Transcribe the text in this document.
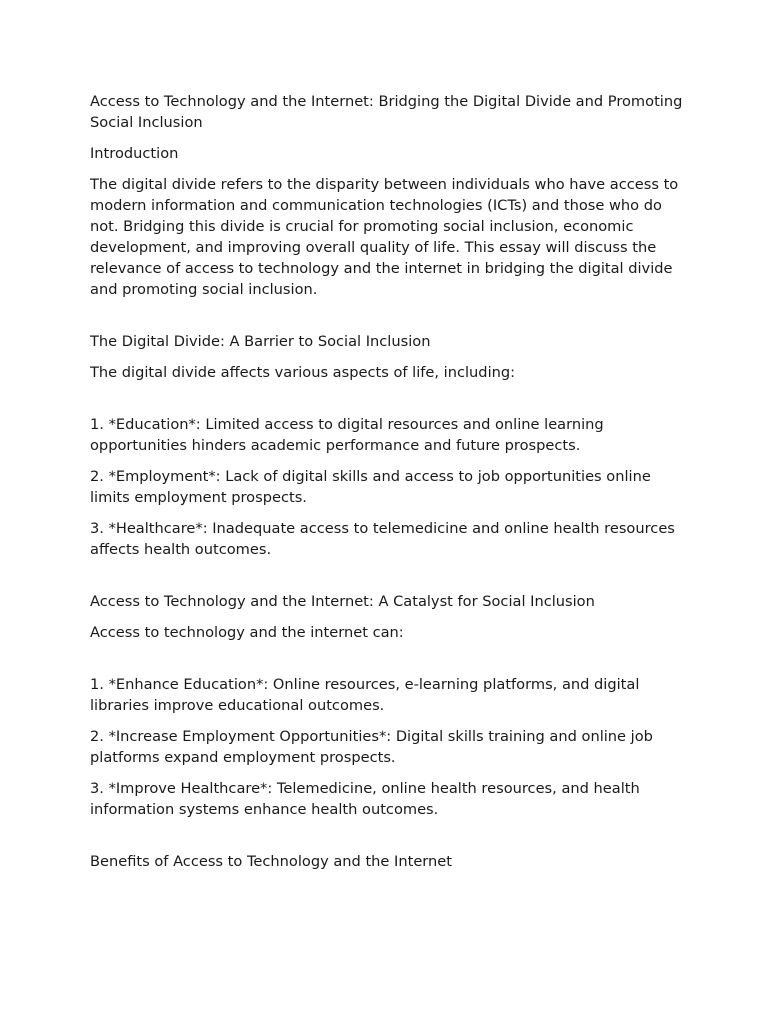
Access to Technology and the Internet: Bridging the Digital Divide and Promoting Social Inclusion

Introduction

The digital divide refers to the disparity between individuals who have access to modern information and communication technologies (ICTs) and those who do not. Bridging this divide is crucial for promoting social inclusion, economic development, and improving overall quality of life. This essay will discuss the relevance of access to technology and the internet in bridging the digital divide and promoting social inclusion.

The Digital Divide: A Barrier to Social Inclusion

The digital divide affects various aspects of life, including:

1. *Education*: Limited access to digital resources and online learning opportunities hinders academic performance and future prospects.

2. *Employment*: Lack of digital skills and access to job opportunities online limits employment prospects.

3. *Healthcare*: Inadequate access to telemedicine and online health resources affects health outcomes.

Access to Technology and the Internet: A Catalyst for Social Inclusion

Access to technology and the internet can:

1. *Enhance Education*: Online resources, e-learning platforms, and digital libraries improve educational outcomes.

2. *Increase Employment Opportunities*: Digital skills training and online job platforms expand employment prospects.

3. *Improve Healthcare*: Telemedicine, online health resources, and health information systems enhance health outcomes.

Benefits of Access to Technology and the Internet
